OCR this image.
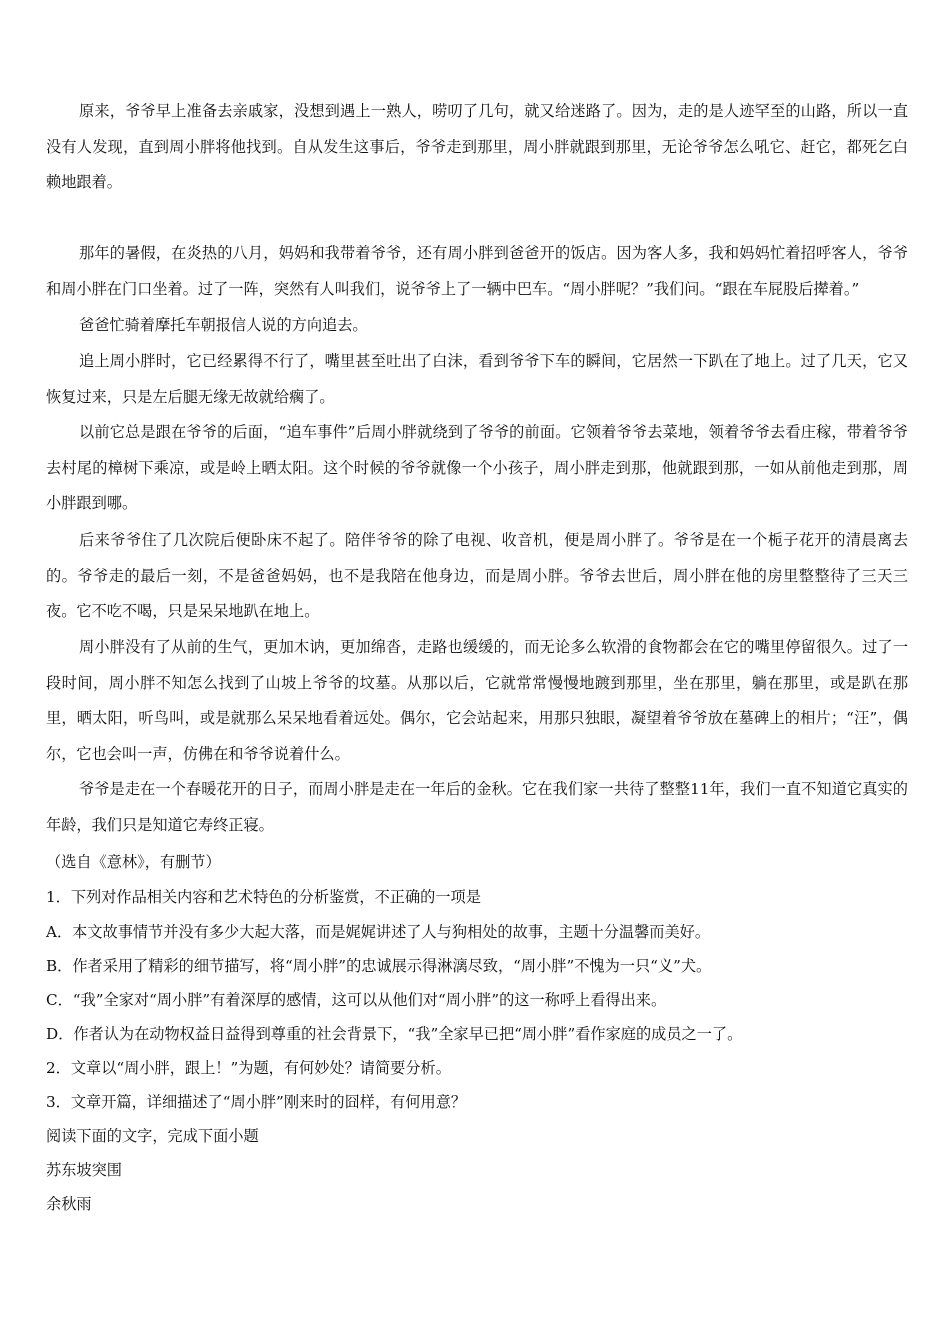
原来，爷爷早上准备去亲戚家，没想到遇上一熟人，唠叨了几句，就又给迷路了。因为，走的是人迹罕至的山路，所以一直没有人发现，直到周小胖将他找到。自从发生这事后，爷爷走到那里，周小胖就跟到那里，无论爷爷怎么吼它、赶它，都死乞白赖地跟着。

那年的暑假，在炎热的八月，妈妈和我带着爷爷，还有周小胖到爸爸开的饭店。因为客人多，我和妈妈忙着招呼客人，爷爷和周小胖在门口坐着。过了一阵，突然有人叫我们，说爷爷上了一辆中巴车。“周小胖呢？”我们问。“跟在车屁股后撵着。”

爸爸忙骑着摩托车朝报信人说的方向追去。

追上周小胖时，它已经累得不行了，嘴里甚至吐出了白沫，看到爷爷下车的瞬间，它居然一下趴在了地上。过了几天，它又恢复过来，只是左后腿无缘无故就给瘸了。

以前它总是跟在爷爷的后面，“追车事件”后周小胖就绕到了爷爷的前面。它领着爷爷去菜地，领着爷爷去看庄稼，带着爷爷去村尾的樟树下乘凉，或是岭上晒太阳。这个时候的爷爷就像一个小孩子，周小胖走到那，他就跟到那，一如从前他走到那，周小胖跟到哪。

后来爷爷住了几次院后便卧床不起了。陪伴爷爷的除了电视、收音机，便是周小胖了。爷爷是在一个栀子花开的清晨离去的。爷爷走的最后一刻，不是爸爸妈妈，也不是我陪在他身边，而是周小胖。爷爷去世后，周小胖在他的房里整整待了三天三夜。它不吃不喝，只是呆呆地趴在地上。

周小胖没有了从前的生气，更加木讷，更加绵沓，走路也缓缓的，而无论多么软滑的食物都会在它的嘴里停留很久。过了一段时间，周小胖不知怎么找到了山坡上爷爷的坟墓。从那以后，它就常常慢慢地踱到那里，坐在那里，躺在那里，或是趴在那里，晒太阳，听鸟叫，或是就那么呆呆地看着远处。偶尔，它会站起来，用那只独眼，凝望着爷爷放在墓碑上的相片；“汪”，偶尔，它也会叫一声，仿佛在和爷爷说着什么。

爷爷是走在一个春暖花开的日子，而周小胖是走在一年后的金秋。它在我们家一共待了整整11年，我们一直不知道它真实的年龄，我们只是知道它寿终正寝。

（选自《意林》，有删节）

1．下列对作品相关内容和艺术特色的分析鉴赏，不正确的一项是

A．本文故事情节并没有多少大起大落，而是娓娓讲述了人与狗相处的故事，主题十分温馨而美好。

B．作者采用了精彩的细节描写，将“周小胖”的忠诚展示得淋漓尽致，“周小胖”不愧为一只“义”犬。

C．“我”全家对“周小胖”有着深厚的感情，这可以从他们对“周小胖”的这一称呼上看得出来。

D．作者认为在动物权益日益得到尊重的社会背景下，“我”全家早已把“周小胖”看作家庭的成员之一了。

2．文章以“周小胖，跟上！”为题，有何妙处？请简要分析。

3．文章开篇，详细描述了“周小胖”刚来时的囧样，有何用意？

阅读下面的文字，完成下面小题

苏东坡突围

余秋雨
